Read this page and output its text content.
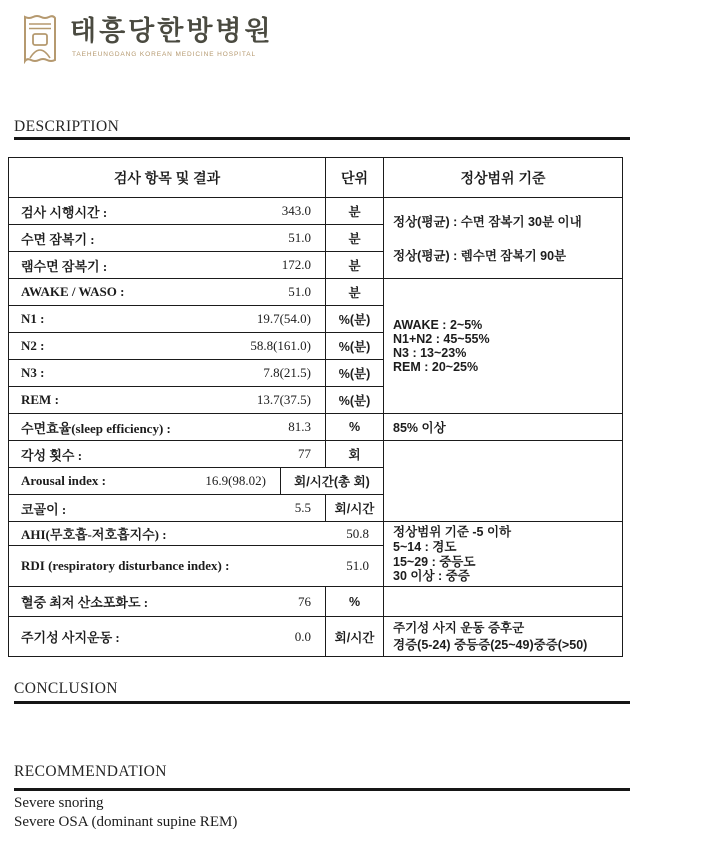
태흥당한방병원
TAEHEUNGDANG KOREAN MEDICINE HOSPITAL
DESCRIPTION
검사 항목 및 결과		단위	정상범위 기준

검사 시행시간 : 343.0		분	정상(평균) : 수면 잠복기 30분 이내
정상(평균) : 렘수면 잠복기 90분

수면 잠복기 : 51.0		분	

램수면 잠복기 : 172.0		분	

AWAKE / WASO : 51.0		분	AWAKE : 2~5%
N1+N2 : 45~55%
N3 : 13~23%
REM : 20~25%

N1 : 19.7(54.0)		%(분)	

N2 : 58.8(161.0)		%(분)	

N3 : 7.8(21.5)		%(분)	

REM : 13.7(37.5)		%(분)	

수면효율(sleep efficiency) : 81.3		%	85% 이상

각성 횟수 : 77		회	

Arousal index : 16.9(98.02)	회/시간(총 회)		

코골이 : 5.5		회/시간	

AHI(무호흡-저호흡지수) : 50.8			정상범위 기준 -5 이하
5~14 : 경도
15~29 : 중등도
30 이상 : 중증

RDI (respiratory disturbance index) : 51.0			

혈중 최저 산소포화도 : 76		%	

주기성 사지운동 : 0.0		회/시간	주기성 사지 운동 증후군
경증(5-24) 중등증(25~49)중증(>50)
CONCLUSION
RECOMMENDATION
Severe snoring
Severe OSA (dominant supine REM)
